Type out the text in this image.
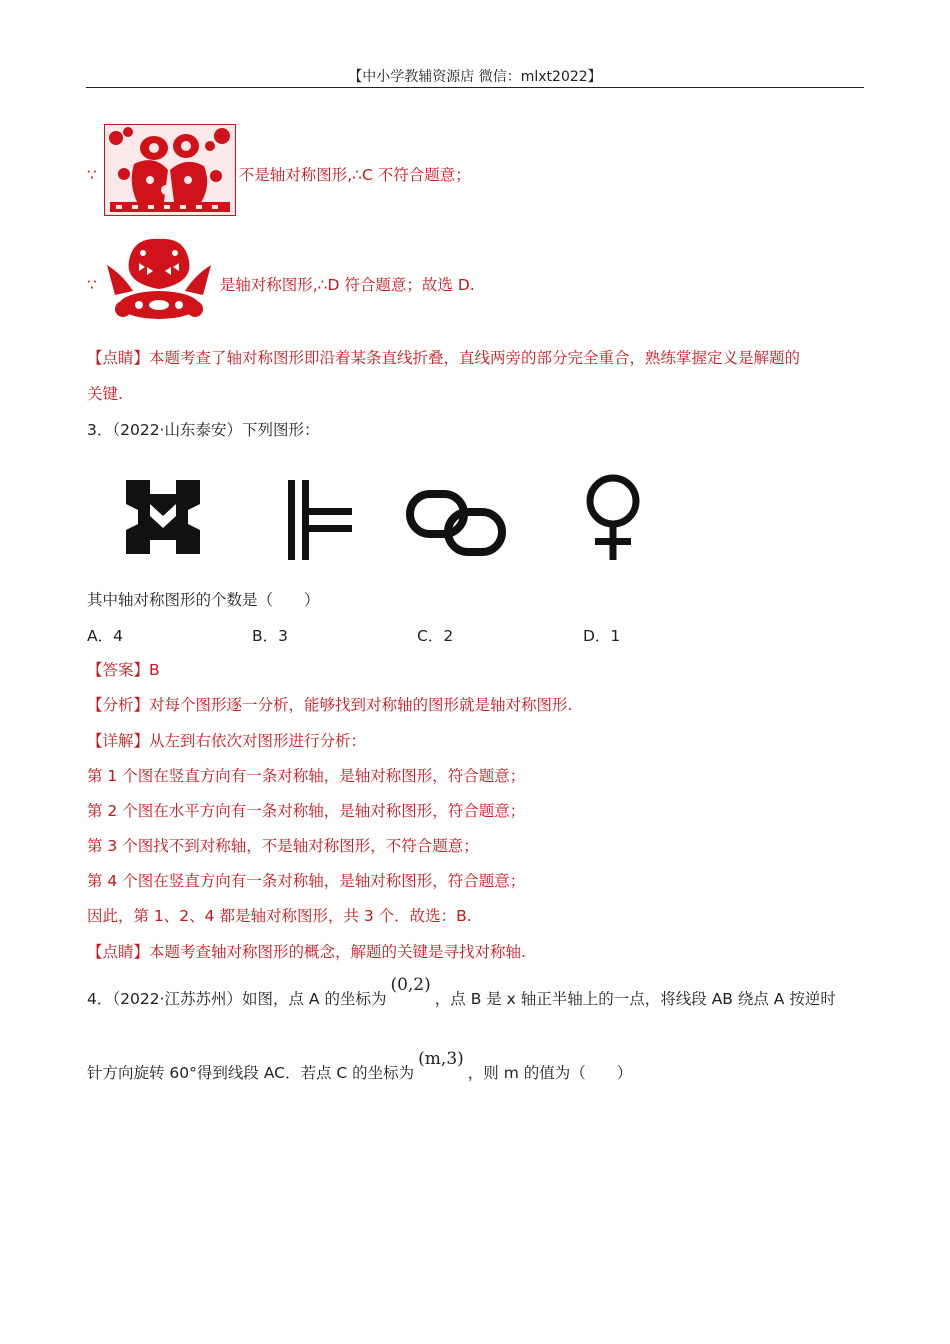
【中小学教辅资源店 微信：mlxt2022】
∵	不是轴对称图形,∴C 不符合题意；
∵	是轴对称图形,∴D 符合题意；故选 D.
【点睛】本题考查了轴对称图形即沿着某条直线折叠，直线两旁的部分完全重合，熟练掌握定义是解题的
关键.
3．（2022·山东泰安）下列图形：
其中轴对称图形的个数是（　　）
A．4	B．3	C．2	D．1
【答案】B
【分析】对每个图形逐一分析，能够找到对称轴的图形就是轴对称图形.
【详解】从左到右依次对图形进行分析：
第 1 个图在竖直方向有一条对称轴，是轴对称图形，符合题意；
第 2 个图在水平方向有一条对称轴，是轴对称图形，符合题意；
第 3 个图找不到对称轴，不是轴对称图形，不符合题意；
第 4 个图在竖直方向有一条对称轴，是轴对称图形，符合题意；
因此，第 1、2、4 都是轴对称图形，共 3 个．故选：B.
【点睛】本题考查轴对称图形的概念，解题的关键是寻找对称轴.
4．（2022·江苏苏州）如图，点 A 的坐标为(0,2)，点 B 是 x 轴正半轴上的一点，将线段 AB 绕点 A 按逆时
针方向旋转 60°得到线段 AC．若点 C 的坐标为(m,3)，则 m 的值为（　　）
